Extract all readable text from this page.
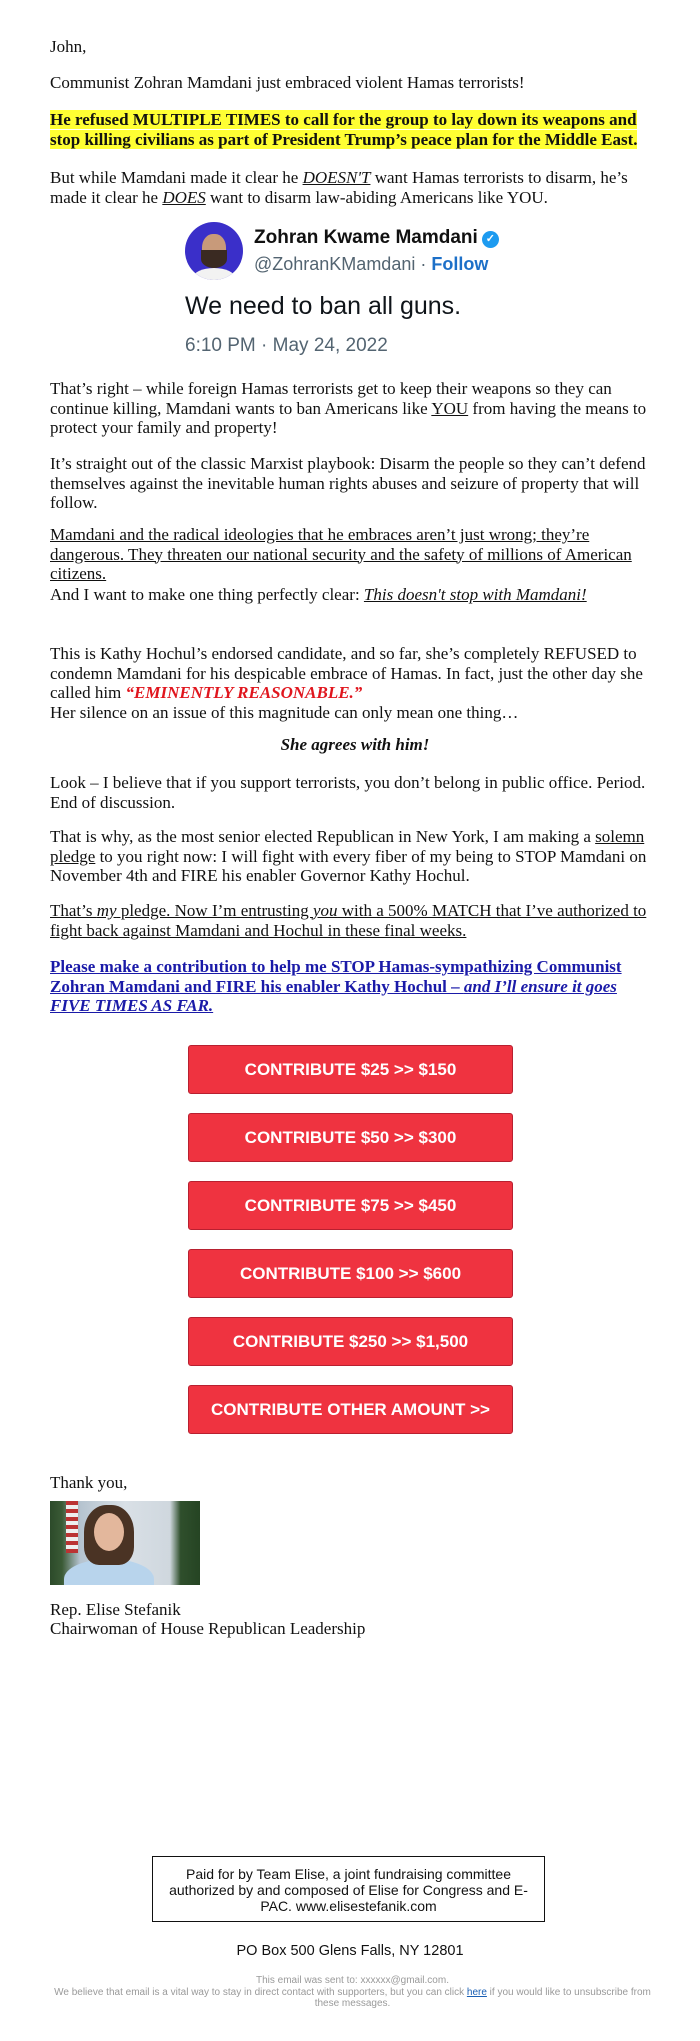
John,
Communist Zohran Mamdani just embraced violent Hamas terrorists!
He refused MULTIPLE TIMES to call for the group to lay down its weapons and stop killing civilians as part of President Trump’s peace plan for the Middle East.
But while Mamdani made it clear he DOESN'T want Hamas terrorists to disarm, he’s made it clear he DOES want to disarm law-abiding Americans like YOU.
Zohran Kwame Mamdani ✓
@ZohranKMamdani · Follow
We need to ban all guns.
6:10 PM · May 24, 2022
That’s right – while foreign Hamas terrorists get to keep their weapons so they can continue killing, Mamdani wants to ban Americans like YOU from having the means to protect your family and property!
It’s straight out of the classic Marxist playbook: Disarm the people so they can’t defend themselves against the inevitable human rights abuses and seizure of property that will follow.
Mamdani and the radical ideologies that he embraces aren’t just wrong; they’re dangerous. They threaten our national security and the safety of millions of American citizens.
And I want to make one thing perfectly clear: This doesn't stop with Mamdani!
This is Kathy Hochul’s endorsed candidate, and so far, she’s completely REFUSED to condemn Mamdani for his despicable embrace of Hamas. In fact, just the other day she called him “EMINENTLY REASONABLE.”
Her silence on an issue of this magnitude can only mean one thing…
She agrees with him!
Look – I believe that if you support terrorists, you don’t belong in public office. Period. End of discussion.
That is why, as the most senior elected Republican in New York, I am making a solemn pledge to you right now: I will fight with every fiber of my being to STOP Mamdani on November 4th and FIRE his enabler Governor Kathy Hochul.
That’s my pledge. Now I’m entrusting you with a 500% MATCH that I’ve authorized to fight back against Mamdani and Hochul in these final weeks.
Please make a contribution to help me STOP Hamas-sympathizing Communist Zohran Mamdani and FIRE his enabler Kathy Hochul – and I’ll ensure it goes FIVE TIMES AS FAR.
CONTRIBUTE $25 >> $150
CONTRIBUTE $50 >> $300
CONTRIBUTE $75 >> $450
CONTRIBUTE $100 >> $600
CONTRIBUTE $250 >> $1,500
CONTRIBUTE OTHER AMOUNT >>
Thank you,
Rep. Elise Stefanik
Chairwoman of House Republican Leadership
Paid for by Team Elise, a joint fundraising committee authorized by and composed of Elise for Congress and E-PAC. www.elisestefanik.com
PO Box 500 Glens Falls, NY 12801
This email was sent to: xxxxxx@gmail.com.
We believe that email is a vital way to stay in direct contact with supporters, but you can click here if you would like to unsubscribe from these messages.
